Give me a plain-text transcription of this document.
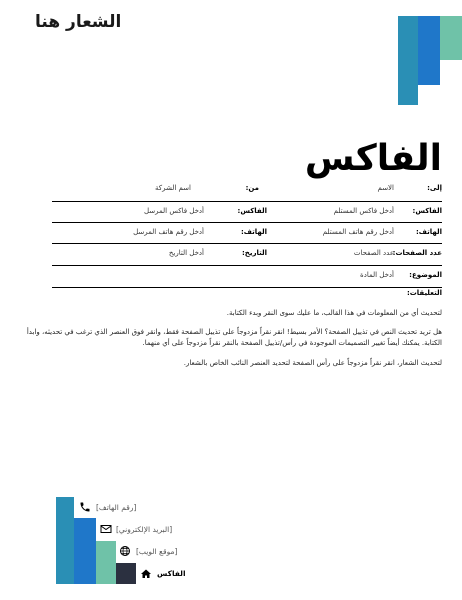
الشعار هنا
الفاكس
إلى:
الاسم
من:
اسم الشركة
الفاكس:
أدخل فاكس المستلم
الفاكس:
أدخل فاكس المرسل
الهاتف:
أدخل رقم هاتف المستلم
الهاتف:
أدخل رقم هاتف المرسل
عدد الصفحات:
عدد الصفحات
التاريخ:
أدخل التاريخ
الموضوع:
أدخل المادة
التعليقات:
لتحديث أي من المعلومات في هذا القالب، ما عليك سوى النقر وبدء الكتابة.
هل تريد تحديث النص في تذييل الصفحة؟ الأمر بسيط! انقر نقراً مزدوجاً على تذييل الصفحة فقط، وانقر فوق العنصر الذي ترغب في تحديثه، وابدأ الكتابة. يمكنك أيضاً تغيير التصميمات الموجودة في رأس/تذييل الصفحة بالنقر نقراً مزدوجاً على أي منهما.
لتحديث الشعار، انقر نقراً مزدوجاً على رأس الصفحة لتحديد العنصر النائب الخاص بالشعار.
[رقم الهاتف]
[البريد الإلكتروني]
[موقع الويب]
الفاكس
